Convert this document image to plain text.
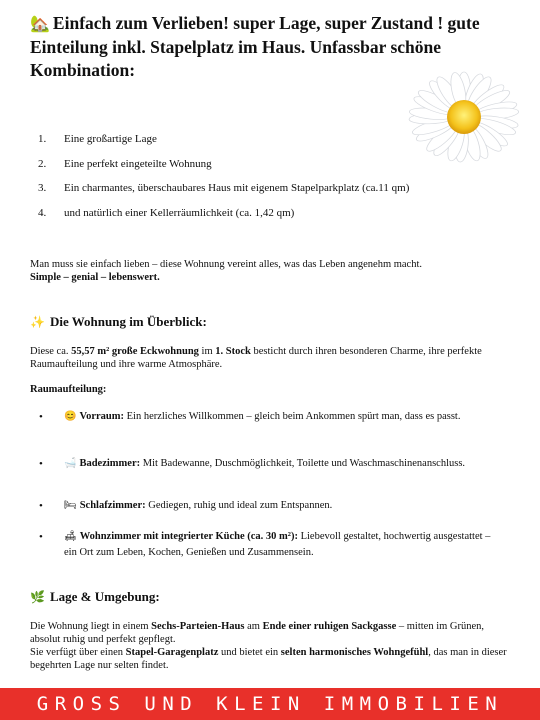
🏡 Einfach zum Verlieben! super Lage, super Zustand ! gute Einteilung inkl. Stapelplatz im Haus. Unfassbar schöne Kombination:
1.	Eine großartige Lage
2.	Eine perfekt eingeteilte Wohnung
3.	Ein charmantes, überschaubares Haus mit eigenem Stapelparkplatz (ca.11 qm)
4.	und natürlich einer Kellerräumlichkeit (ca. 1,42 qm)
Man muss sie einfach lieben – diese Wohnung vereint alles, was das Leben angenehm macht.
Simple – genial – lebenswert.
✨ Die Wohnung im Überblick:
Diese ca. 55,57 m² große Eckwohnung im 1. Stock besticht durch ihren besonderen Charme, ihre perfekte Raumaufteilung und ihre warme Atmosphäre.
Raumaufteilung:
• 😊 Vorraum: Ein herzliches Willkommen – gleich beim Ankommen spürt man, dass es passt.
• 🛁 Badezimmer: Mit Badewanne, Duschmöglichkeit, Toilette und Waschmaschinenanschluss.
• 🛏 Schlafzimmer: Gediegen, ruhig und ideal zum Entspannen.
• 🛋 Wohnzimmer mit integrierter Küche (ca. 30 m²): Liebevoll gestaltet, hochwertig ausgestattet – ein Ort zum Leben, Kochen, Genießen und Zusammensein.
🌿 Lage & Umgebung:
Die Wohnung liegt in einem Sechs-Parteien-Haus am Ende einer ruhigen Sackgasse – mitten im Grünen, absolut ruhig und perfekt gepflegt.
Sie verfügt über einen Stapel-Garagenplatz und bietet ein selten harmonisches Wohngefühl, das man in dieser begehrten Lage nur selten findet.
GROSS UND KLEIN IMMOBILIEN
